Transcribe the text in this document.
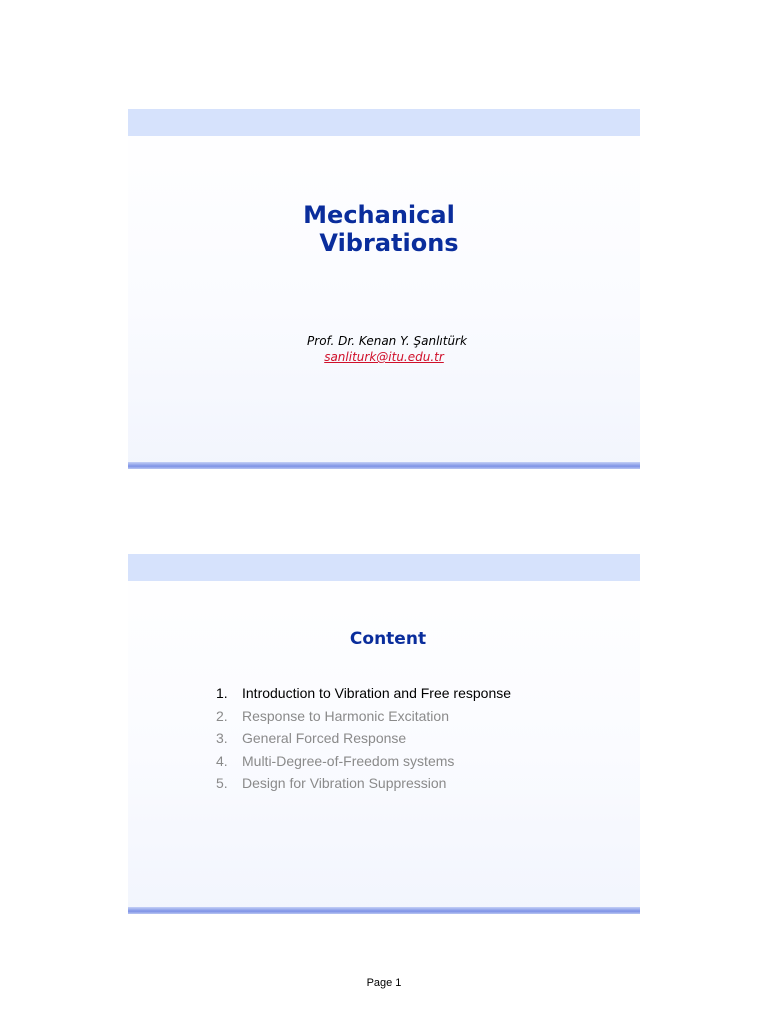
Mechanical
Vibrations
Prof. Dr. Kenan Y. Şanlıtürk
sanliturk@itu.edu.tr
Content
1. Introduction to Vibration and Free response
2. Response to Harmonic Excitation
3. General Forced Response
4. Multi-Degree-of-Freedom systems
5. Design for Vibration Suppression
Page 1
